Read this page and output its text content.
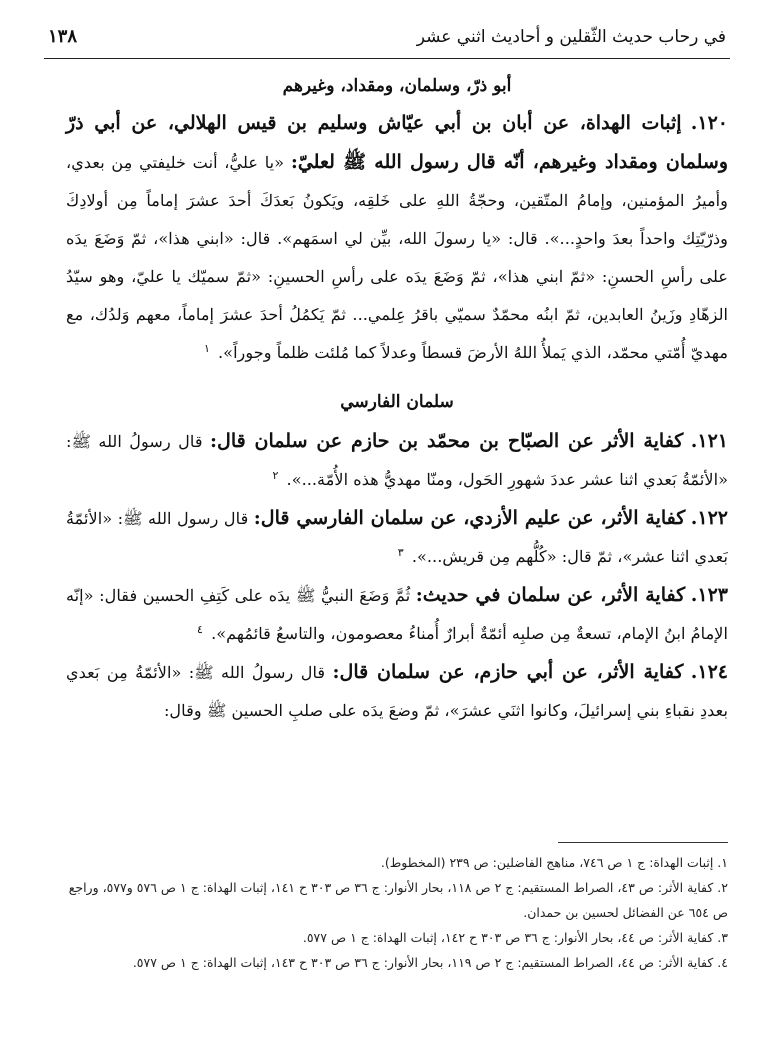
في رحاب حديث الثّقلين و أحاديث اثني عشر
١٣٨
أبو ذرّ، وسلمان، ومقداد، وغيرهم

١٢٠. إثبات الهداة، عن أبان بن أبي عيّاش وسليم بن قيس الهلالي، عن أبي ذرّ وسلمان ومقداد وغيرهم، أنّه قال رسول الله ﷺ لعليّ: «يا عليُّ، أنت خليفتي مِن بعدي، وأميرُ المؤمنين، وإمامُ المتّقين، وحجّةُ اللهِ على خَلقِه، ويَكونُ بَعدَكَ أحدَ عشرَ إماماً مِن أولادِكَ وذرّيّتِك واحداً بعدَ واحدٍ...». قال: «يا رسولَ الله، بيِّن لي اسمَهم». قال: «ابني هذا»، ثمّ وَضَعَ يدَه على رأسِ الحسنِ: «ثمّ ابني هذا»، ثمّ وَضَعَ يدَه على رأسِ الحسينِ: «ثمّ سميّك يا عليّ، وهو سيّدُ الزهّادِ وزَينُ العابدين، ثمّ ابنُه محمّدٌ سميّي باقرُ عِلمي... ثمّ يَكمُلُ أحدَ عشرَ إماماً، معهم وَلدُك، مع مهديّ أُمّتي محمّد، الذي يَملأُ اللهُ الأرضَ قسطاً وعدلاً كما مُلئت ظلماً وجوراً». $^١$

سلمان الفارسي

١٢١. كفاية الأثر عن الصبّاح بن محمّد بن حازم عن سلمان قال: قال رسولُ الله ﷺ: «الأئمّةُ بَعدي اثنا عشر عددَ شهورِ الحَول، ومنّا مهديُّ هذه الأُمّة...». $^٢$

١٢٢. كفاية الأثر، عن عليم الأزدي، عن سلمان الفارسي قال: قال رسول الله ﷺ: «الأئمّةُ بَعدي اثنا عشر»، ثمّ قال: «كُلُّهم مِن قريش...». $^٣$

١٢٣. كفاية الأثر، عن سلمان في حديث: ثُمَّ وَضَعَ النبيُّ ﷺ يدَه على كَتِفِ الحسين فقال: «إنّه الإمامُ ابنُ الإمام، تسعةٌ مِن صلبِه أئمّةٌ أبرارٌ أُمناءُ معصومون، والتاسعُ قائمُهم». $^٤$

١٢٤. كفاية الأثر، عن أبي حازم، عن سلمان قال: قال رسولُ الله ﷺ: «الأئمّةُ مِن بَعدي بعددِ نقباءِ بني إسرائيلَ، وكانوا اثنَي عشرَ»، ثمّ وضعَ يدَه على صلبِ الحسين ﷺ وقال:

١. إثبات الهداة: ج ١ ص ٧٤٦، مناهج الفاضلين: ص ٢٣٩ (المخطوط).

٢. كفاية الأثر: ص ٤٣، الصراط المستقيم: ج ٢ ص ١١٨، بحار الأنوار: ج ٣٦ ص ٣٠٣ ح ١٤١، إثبات الهداة: ج ١ ص ٥٧٦ و٥٧٧، وراجع ص ٦٥٤ عن الفضائل لحسين بن حمدان.

٣. كفاية الأثر: ص ٤٤، بحار الأنوار: ج ٣٦ ص ٣٠٣ ح ١٤٢، إثبات الهداة: ج ١ ص ٥٧٧.

٤. كفاية الأثر: ص ٤٤، الصراط المستقيم: ج ٢ ص ١١٩، بحار الأنوار: ج ٣٦ ص ٣٠٣ ح ١٤٣، إثبات الهداة: ج ١ ص ٥٧٧.
